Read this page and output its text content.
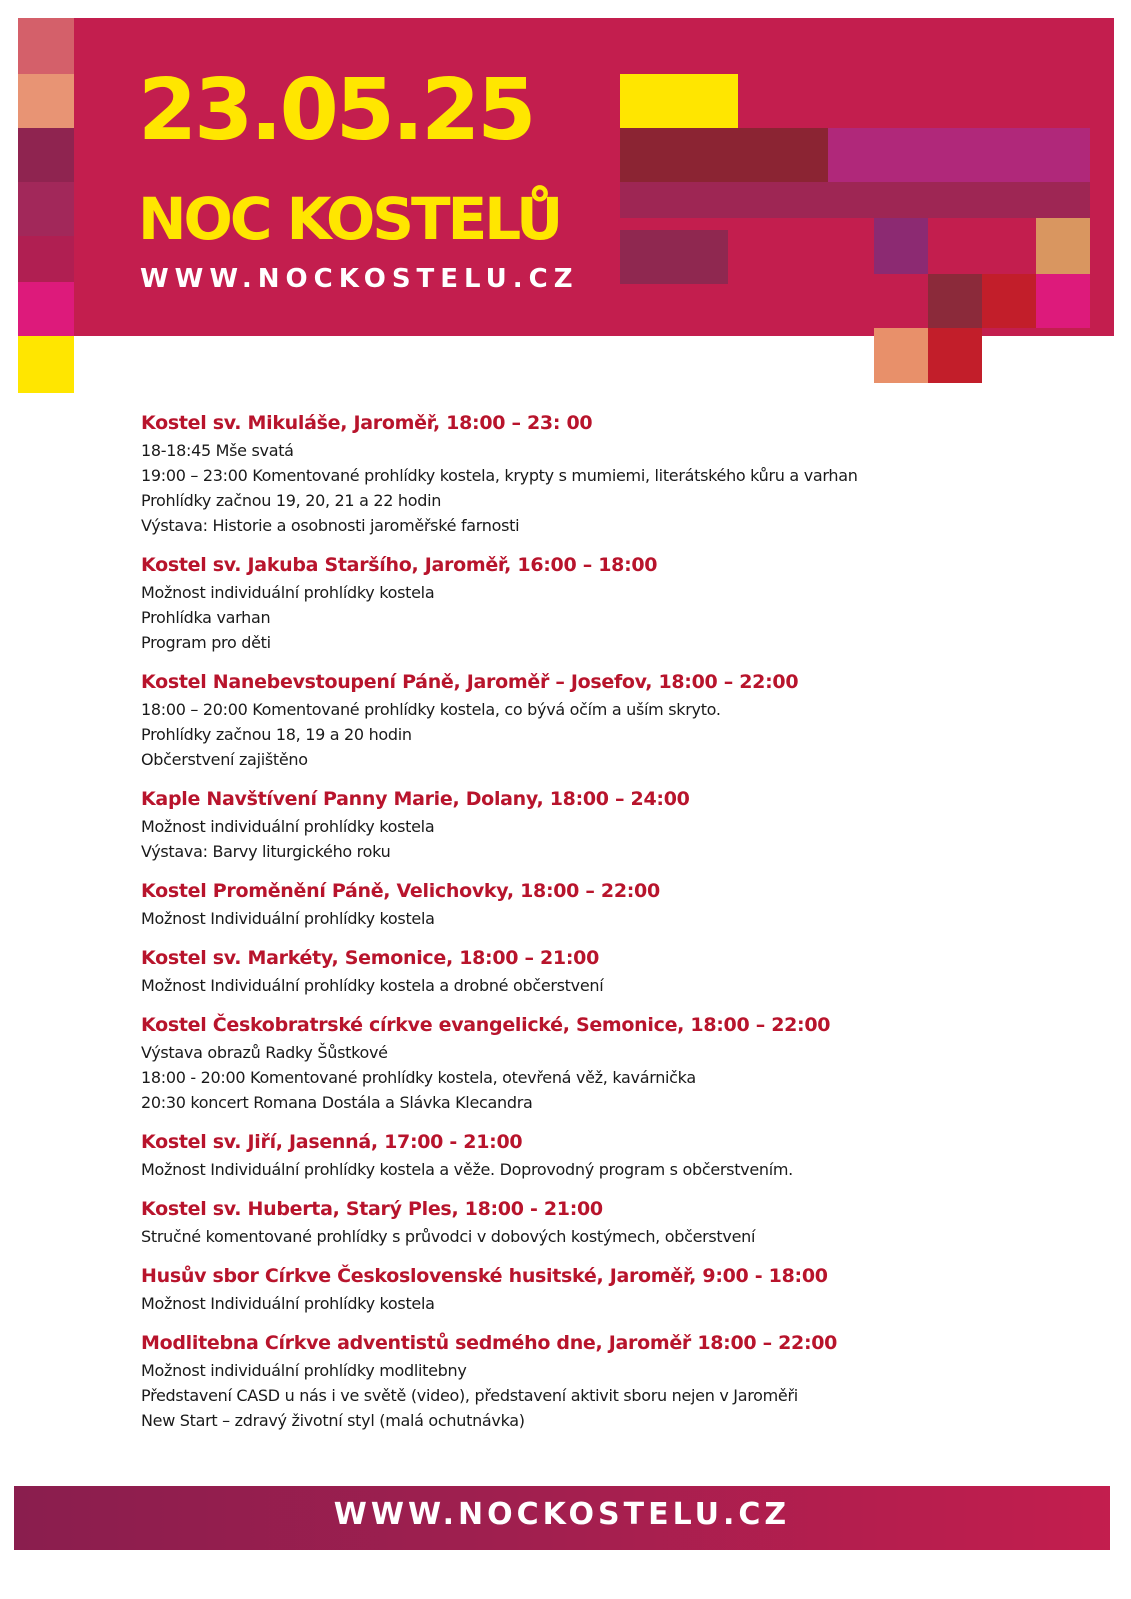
23.05.25
NOC KOSTELŮ
WWW.NOCKOSTELU.CZ
Kostel sv. Mikuláše, Jaroměř, 18:00 – 23: 00
18-18:45 Mše svatá
19:00 – 23:00 Komentované prohlídky kostela, krypty s mumiemi, literátského kůru a varhan
Prohlídky začnou 19, 20, 21 a 22 hodin
Výstava: Historie a osobnosti jaroměřské farnosti
Kostel sv. Jakuba Staršího, Jaroměř, 16:00 – 18:00
Možnost individuální prohlídky kostela
Prohlídka varhan
Program pro děti
Kostel Nanebevstoupení Páně, Jaroměř – Josefov, 18:00 – 22:00
18:00 – 20:00 Komentované prohlídky kostela, co bývá očím a uším skryto.
Prohlídky začnou 18, 19 a 20 hodin
Občerstvení zajištěno
Kaple Navštívení Panny Marie, Dolany, 18:00 – 24:00
Možnost individuální prohlídky kostela
Výstava: Barvy liturgického roku
Kostel Proměnění Páně, Velichovky, 18:00 – 22:00
Možnost Individuální prohlídky kostela
Kostel sv. Markéty, Semonice, 18:00 – 21:00
Možnost Individuální prohlídky kostela a drobné občerstvení
Kostel Českobratrské církve evangelické, Semonice, 18:00 – 22:00
Výstava obrazů Radky Šůstkové
18:00 - 20:00 Komentované prohlídky kostela, otevřená věž, kavárnička
20:30 koncert Romana Dostála a Slávka Klecandra
Kostel sv. Jiří, Jasenná, 17:00 - 21:00
Možnost Individuální prohlídky kostela a věže. Doprovodný program s občerstvením.
Kostel sv. Huberta, Starý Ples, 18:00 - 21:00
Stručné komentované prohlídky s průvodci v dobových kostýmech, občerstvení
Husův sbor Církve Československé husitské, Jaroměř, 9:00 - 18:00
Možnost Individuální prohlídky kostela
Modlitebna Církve adventistů sedmého dne, Jaroměř 18:00 – 22:00
Možnost individuální prohlídky modlitebny
Představení CASD u nás i ve světě (video), představení aktivit sboru nejen v Jaroměři
New Start – zdravý životní styl (malá ochutnávka)
WWW.NOCKOSTELU.CZ
